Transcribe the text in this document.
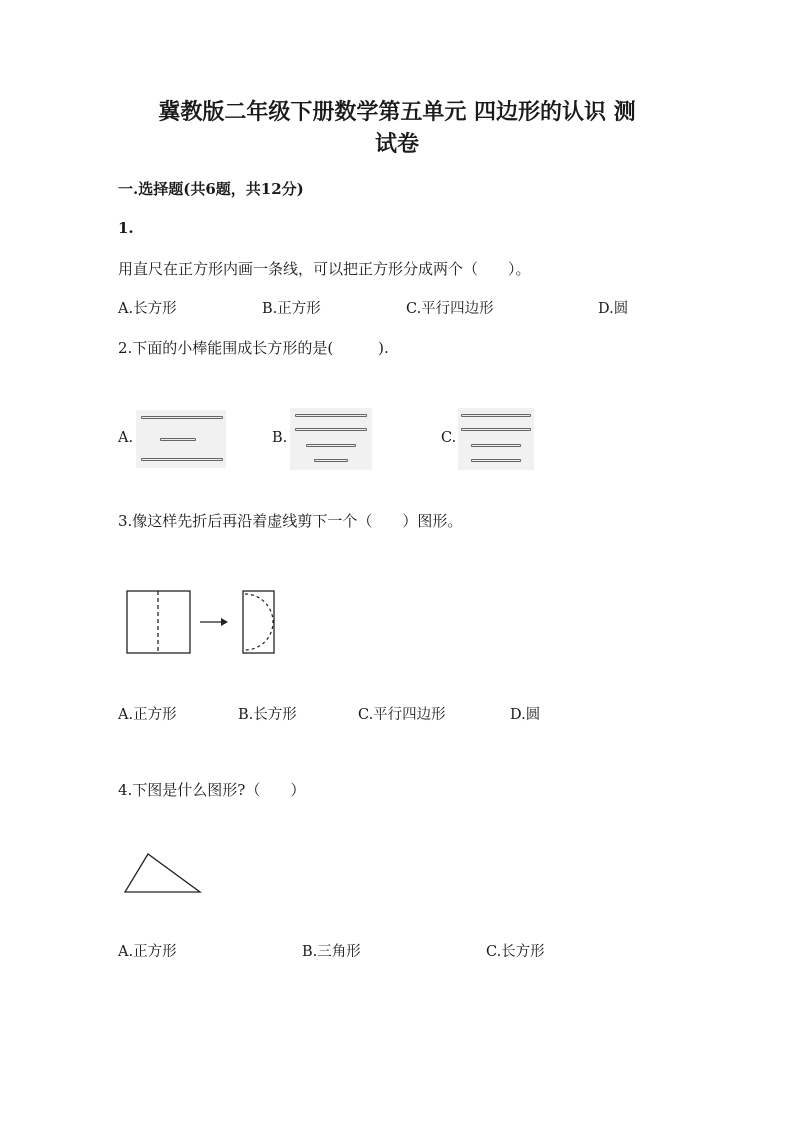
冀教版二年级下册数学第五单元 四边形的认识 测
试卷
一.选择题(共6题，共12分)
1.
用直尺在正方形内画一条线，可以把正方形分成两个（　　）。
A.长方形	B.正方形	C.平行四边形	D.圆
2.下面的小棒能围成长方形的是(　　　).
A.	B.	C.
3.像这样先折后再沿着虚线剪下一个（　　）图形。
A.正方形	B.长方形	C.平行四边形	D.圆
4.下图是什么图形?（　　）
A.正方形	B.三角形	C.长方形
